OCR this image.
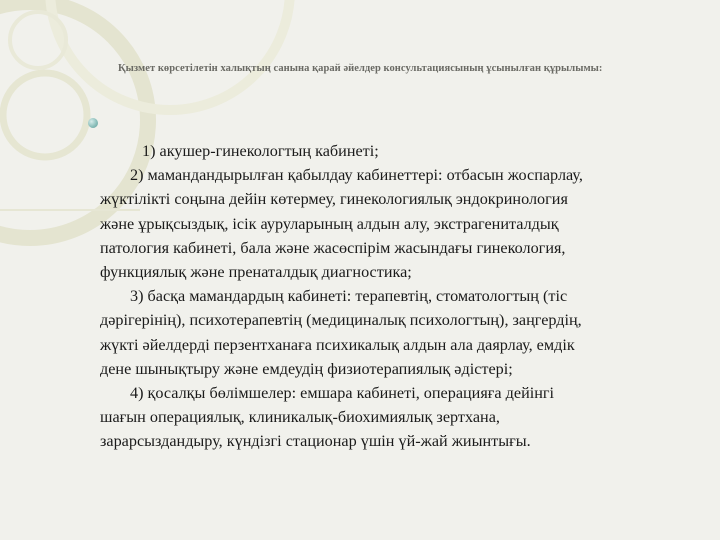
Қызмет көрсетілетін халықтың санына қарай әйелдер консультациясының ұсынылған құрылымы:
1) акушер-гинекологтың кабинеті;
2) мамандандырылған қабылдау кабинеттері: отбасын жоспарлау,
жүктілікті соңына дейін көтермеу, гинекологиялық эндокринология
және ұрықсыздық, ісік ауруларының алдын алу, экстрагениталдық
патология кабинеті, бала және жасөспірім жасындағы гинекология,
функциялық және пренаталдық диагностика;
3) басқа мамандардың кабинеті: терапевтің, стоматологтың (тіс
дәрігерінің), психотерапевтің (медициналық психологтың), заңгердің,
жүкті әйелдерді перзентханаға психикалық алдын ала даярлау, емдік
дене шынықтыру және емдеудің физиотерапиялық әдістері;
4) қосалқы бөлімшелер: емшара кабинеті, операцияға дейінгі
шағын операциялық, клиникалық-биохимиялық зертхана,
зарарсыздандыру, күндізгі стационар үшін үй-жай жиынтығы.
